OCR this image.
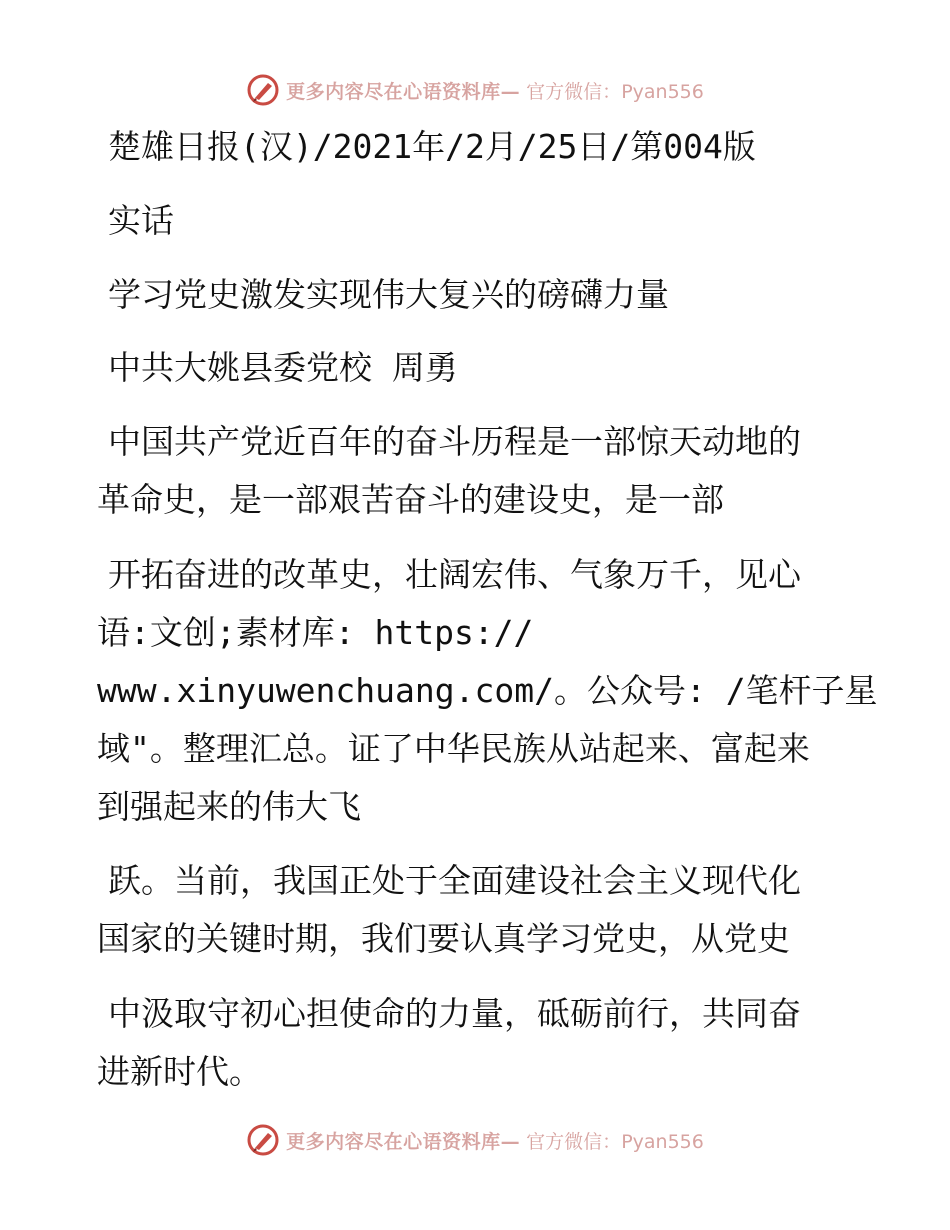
更多内容尽在心语资料库— 官方微信：Pyan556
楚雄日报(汉)/2021年/2月/25日/第004版
实话
学习党史激发实现伟大复兴的磅礴力量
中共大姚县委党校 周勇
中国共产党近百年的奋斗历程是一部惊天动地的
革命史，是一部艰苦奋斗的建设史，是一部
开拓奋进的改革史，壮阔宏伟、气象万千，见心
语:文创;素材库: https://
www.xinyuwenchuang.com/。公众号: /笔杆子星
域"。整理汇总。证了中华民族从站起来、富起来
到强起来的伟大飞
跃。当前，我国正处于全面建设社会主义现代化
国家的关键时期，我们要认真学习党史，从党史
中汲取守初心担使命的力量，砥砺前行，共同奋
进新时代。
更多内容尽在心语资料库— 官方微信：Pyan556
